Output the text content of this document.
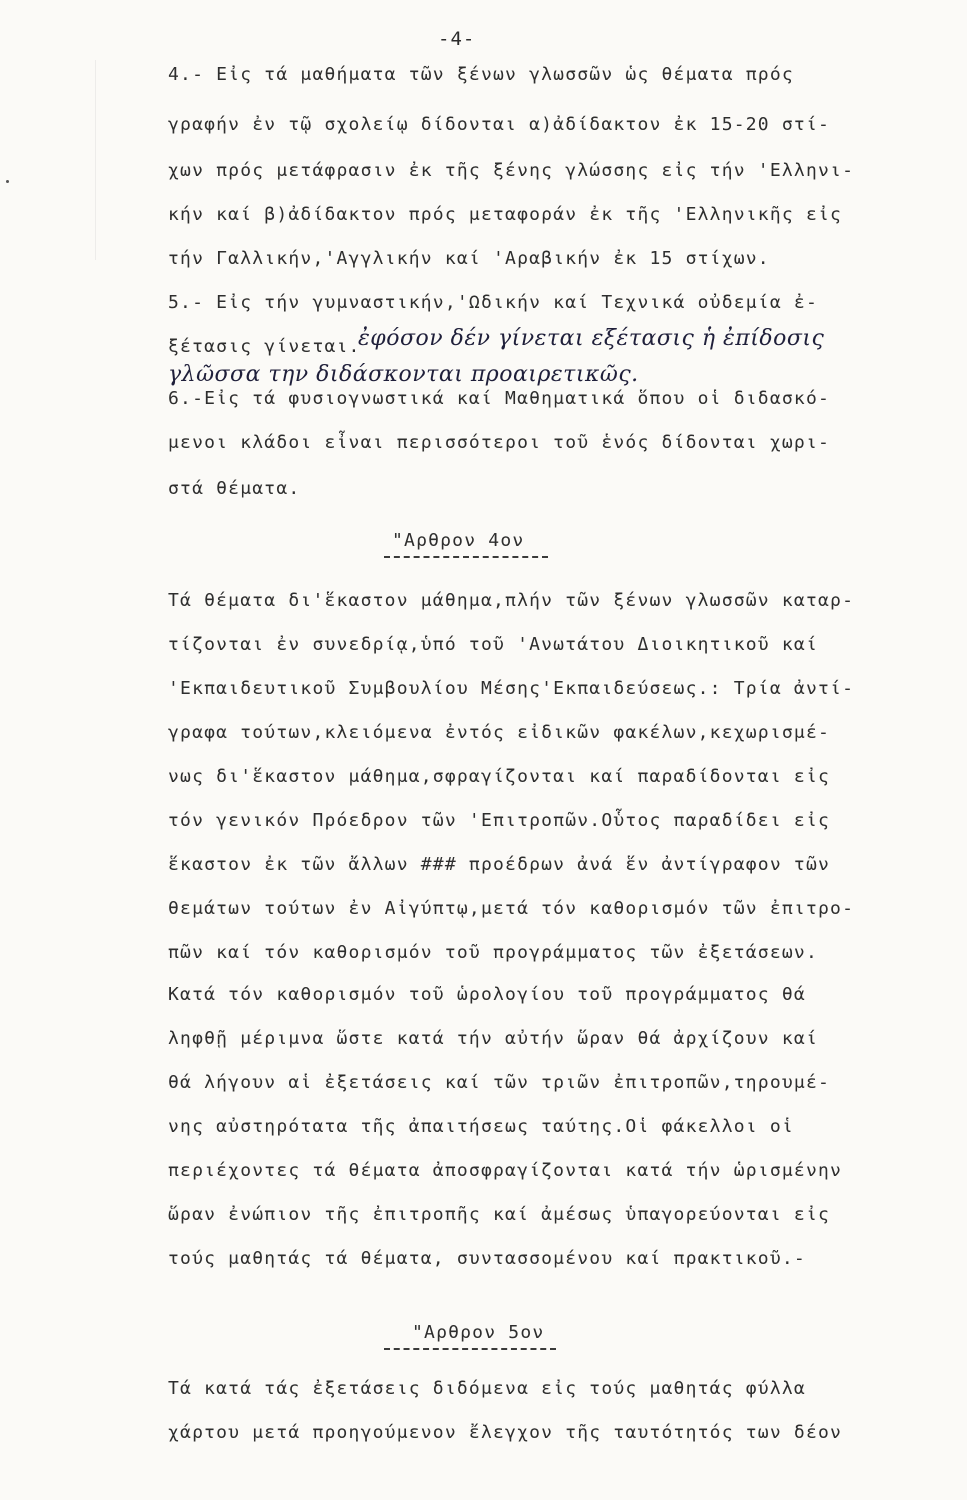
-4-
4.- Εἰς τά μαθήματα τῶν ξένων γλωσσῶν ὡς θέματα πρός
γραφήν ἐν τῷ σχολείῳ δίδονται α)ἀδίδακτον ἐκ 15-20 στί-
χων πρός μετάφρασιν ἐκ τῆς ξένης γλώσσης εἰς τήν 'Ελληνι-
κήν καί β)ἀδίδακτον πρός μεταφοράν ἐκ τῆς 'Ελληνικῆς εἰς
τήν Γαλλικήν,'Αγγλικήν καί 'Αραβικήν ἐκ 15 στίχων.
5.- Εἰς τήν γυμναστικήν,'Ωδικήν καί Τεχνικά οὐδεμία ἐ-
ξέτασις γίνεται.
ἐφόσον δέν γίνεται εξέτασις ἡ ἐπίδοσις
γλῶσσα την διδάσκονται προαιρετικῶς.
6.-Εἰς τά φυσιογνωστικά καί Μαθηματικά ὅπου οἱ διδασκό-
μενοι κλάδοι εἶναι περισσότεροι τοῦ ἑνός δίδονται χωρι-
στά θέματα.
"Αρθρον 4ον
Τά θέματα δι'ἕκαστον μάθημα,πλήν τῶν ξένων γλωσσῶν καταρ-
τίζονται ἐν συνεδρίᾳ,ὑπό τοῦ 'Ανωτάτου Διοικητικοῦ καί
'Εκπαιδευτικοῦ Συμβουλίου Μέσης'Εκπαιδεύσεως.: Τρία ἀντί-
γραφα τούτων,κλειόμενα ἐντός εἰδικῶν φακέλων,κεχωρισμέ-
νως δι'ἕκαστον μάθημα,σφραγίζονται καί παραδίδονται εἰς
τόν γενικόν Πρόεδρον τῶν 'Επιτροπῶν.Οὗτος παραδίδει εἰς
ἕκαστον ἐκ τῶν ἄλλων ### προέδρων ἀνά ἕν ἀντίγραφον τῶν
θεμάτων τούτων ἐν Αἰγύπτῳ,μετά τόν καθορισμόν τῶν ἐπιτρο-
πῶν καί τόν καθορισμόν τοῦ προγράμματος τῶν ἐξετάσεων.
Κατά τόν καθορισμόν τοῦ ὡρολογίου τοῦ προγράμματος θά
ληφθῇ μέριμνα ὥστε κατά τήν αὐτήν ὥραν θά ἀρχίζουν καί
θά λήγουν αἱ ἐξετάσεις καί τῶν τριῶν ἐπιτροπῶν,τηρουμέ-
νης αὐστηρότατα τῆς ἀπαιτήσεως ταύτης.Οἱ φάκελλοι οἱ
περιέχοντες τά θέματα ἀποσφραγίζονται κατά τήν ὡρισμένην
ὥραν ἐνώπιον τῆς ἐπιτροπῆς καί ἀμέσως ὑπαγορεύονται εἰς
τούς μαθητάς τά θέματα, συντασσομένου καί πρακτικοῦ.-
"Αρθρον 5ον
Τά κατά τάς ἐξετάσεις διδόμενα εἰς τούς μαθητάς φύλλα
χάρτου μετά προηγούμενον ἔλεγχον τῆς ταυτότητός των δέον
